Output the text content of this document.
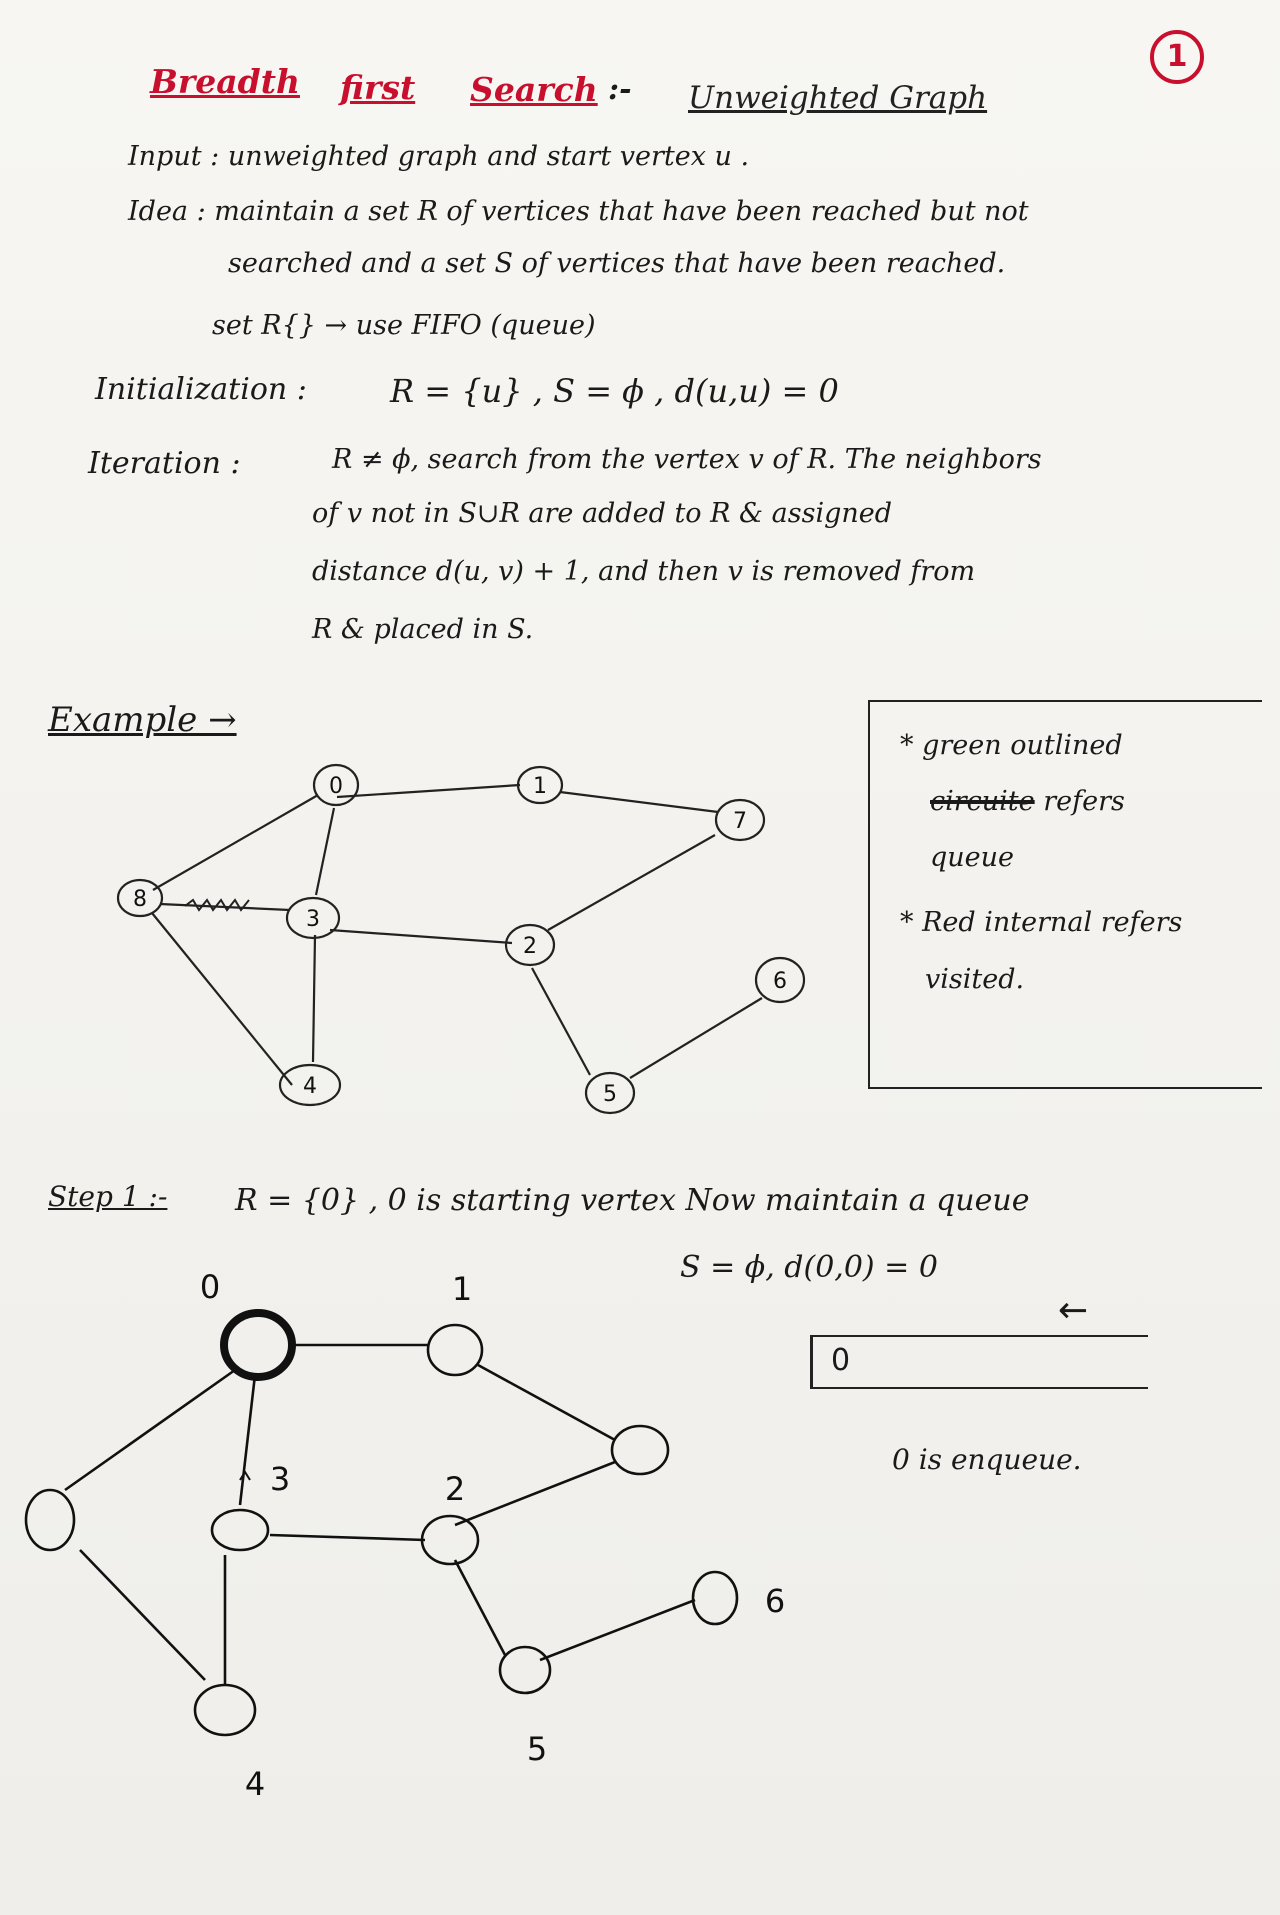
1
Breadth first Search :- Unweighted Graph
Input : unweighted graph and start vertex u .
Idea : maintain a set R of vertices that have been reached but not
searched and a set S of vertices that have been reached.
set R{} → use FIFO (queue)
Initialization :	R = {u} , S = ϕ , d(u,u) = 0
Iteration :	R ≠ ϕ, search from the vertex v of R. The neighbors
of v not in S∪R are added to R & assigned
distance d(u, v) + 1, and then v is removed from
R & placed in S.
Example →
0	1
7
8
3
2
6
4	5
* green outlined
circuite refers
queue
* Red internal refers
visited.
Step 1 :- R = {0} , 0 is starting vertex Now maintain a queue
S = ϕ, d(0,0) = 0
0	1
3	2
6
5
4
←
0
0 is enqueue.
